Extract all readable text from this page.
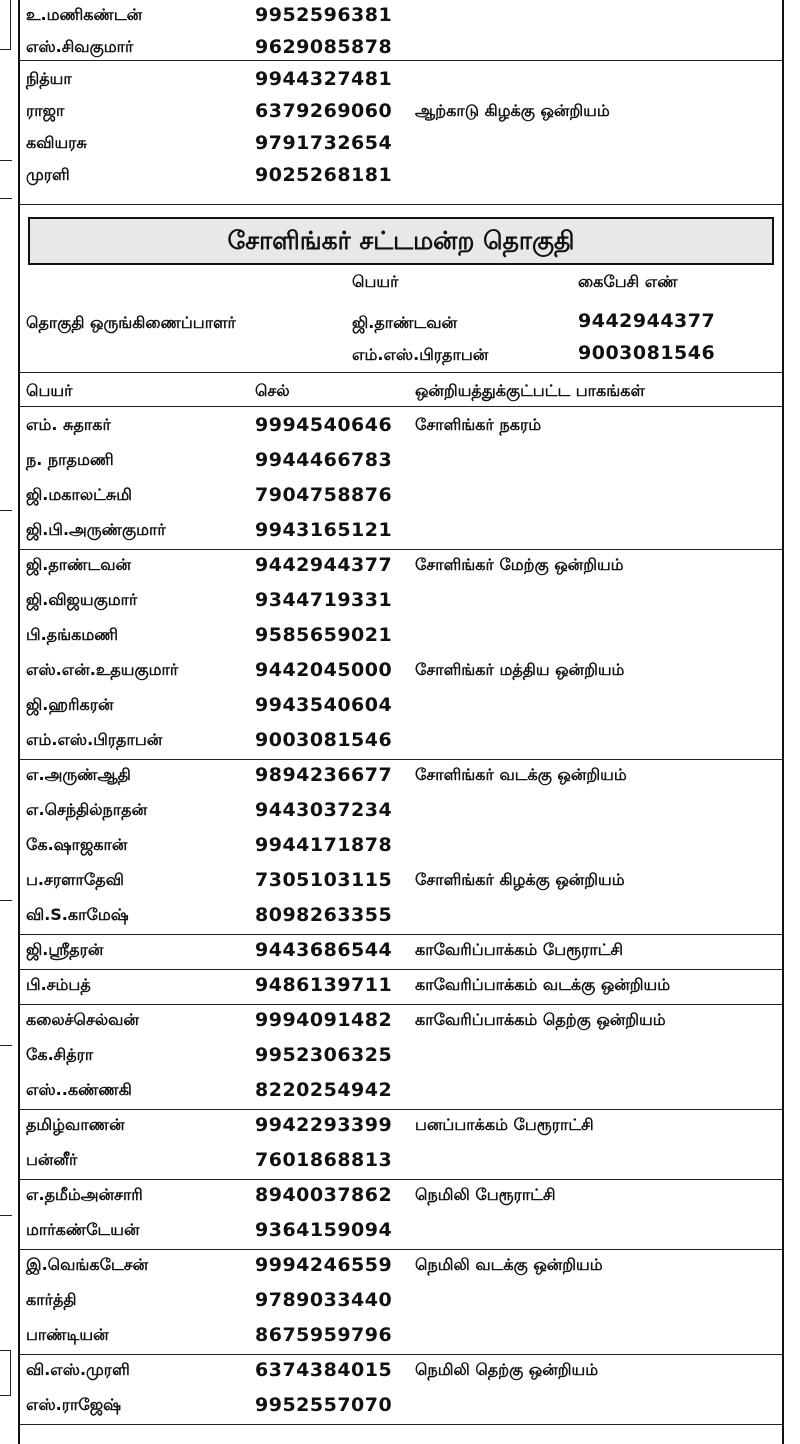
உ.மணிகண்டன்	9952596381
எஸ்.சிவகுமார்	9629085878
நித்யா	9944327481
ராஜா	6379269060 ஆற்காடு கிழக்கு ஒன்றியம்
கவியரசு	9791732654
முரளி	9025268181
சோளிங்கர் சட்டமன்ற தொகுதி
பெயர்	கைபேசி எண்
தொகுதி ஒருங்கிணைப்பாளர்	ஜி.தாண்டவன்	9442944377
எம்.எஸ்.பிரதாபன்	9003081546
பெயர்	செல்	ஒன்றியத்துக்குட்பட்ட பாகங்கள்
எம். சுதாகர்	9994540646 சோளிங்கர் நகரம்
ந. நாதமணி	9944466783
ஜி.மகாலட்சுமி	7904758876
ஜி.பி.அருண்குமார்	9943165121
ஜி.தாண்டவன்	9442944377 சோளிங்கர் மேற்கு ஒன்றியம்
ஜி.விஜயகுமார்	9344719331
பி.தங்கமணி	9585659021
எஸ்.என்.உதயகுமார்	9442045000 சோளிங்கர் மத்திய ஒன்றியம்
ஜி.ஹரிகரன்	9943540604
எம்.எஸ்.பிரதாபன்	9003081546
எ.அருண்ஆதி	9894236677 சோளிங்கர் வடக்கு ஒன்றியம்
எ.செந்தில்நாதன்	9443037234
கே.ஷாஜகான்	9944171878
ப.சரளாதேவி	7305103115 சோளிங்கர் கிழக்கு ஒன்றியம்
வி.S.காமேஷ்	8098263355
ஜி.ஸ்ரீதரன்	9443686544 காவேரிப்பாக்கம் பேரூராட்சி
பி.சம்பத்	9486139711 காவேரிப்பாக்கம் வடக்கு ஒன்றியம்
கலைச்செல்வன்	9994091482 காவேரிப்பாக்கம் தெற்கு ஒன்றியம்
கே.சித்ரா	9952306325
எஸ்..கண்ணகி	8220254942
தமிழ்வாணன்	9942293399 பனப்பாக்கம் பேரூராட்சி
பன்னீர்	7601868813
எ.தமீம்அன்சாரி	8940037862 நெமிலி பேரூராட்சி
மார்கண்டேயன்	9364159094
இ.வெங்கடேசன்	9994246559 நெமிலி வடக்கு ஒன்றியம்
கார்த்தி	9789033440
பாண்டியன்	8675959796
வி.எஸ்.முரளி	6374384015 நெமிலி தெற்கு ஒன்றியம்
எஸ்.ராஜேஷ்	9952557070
